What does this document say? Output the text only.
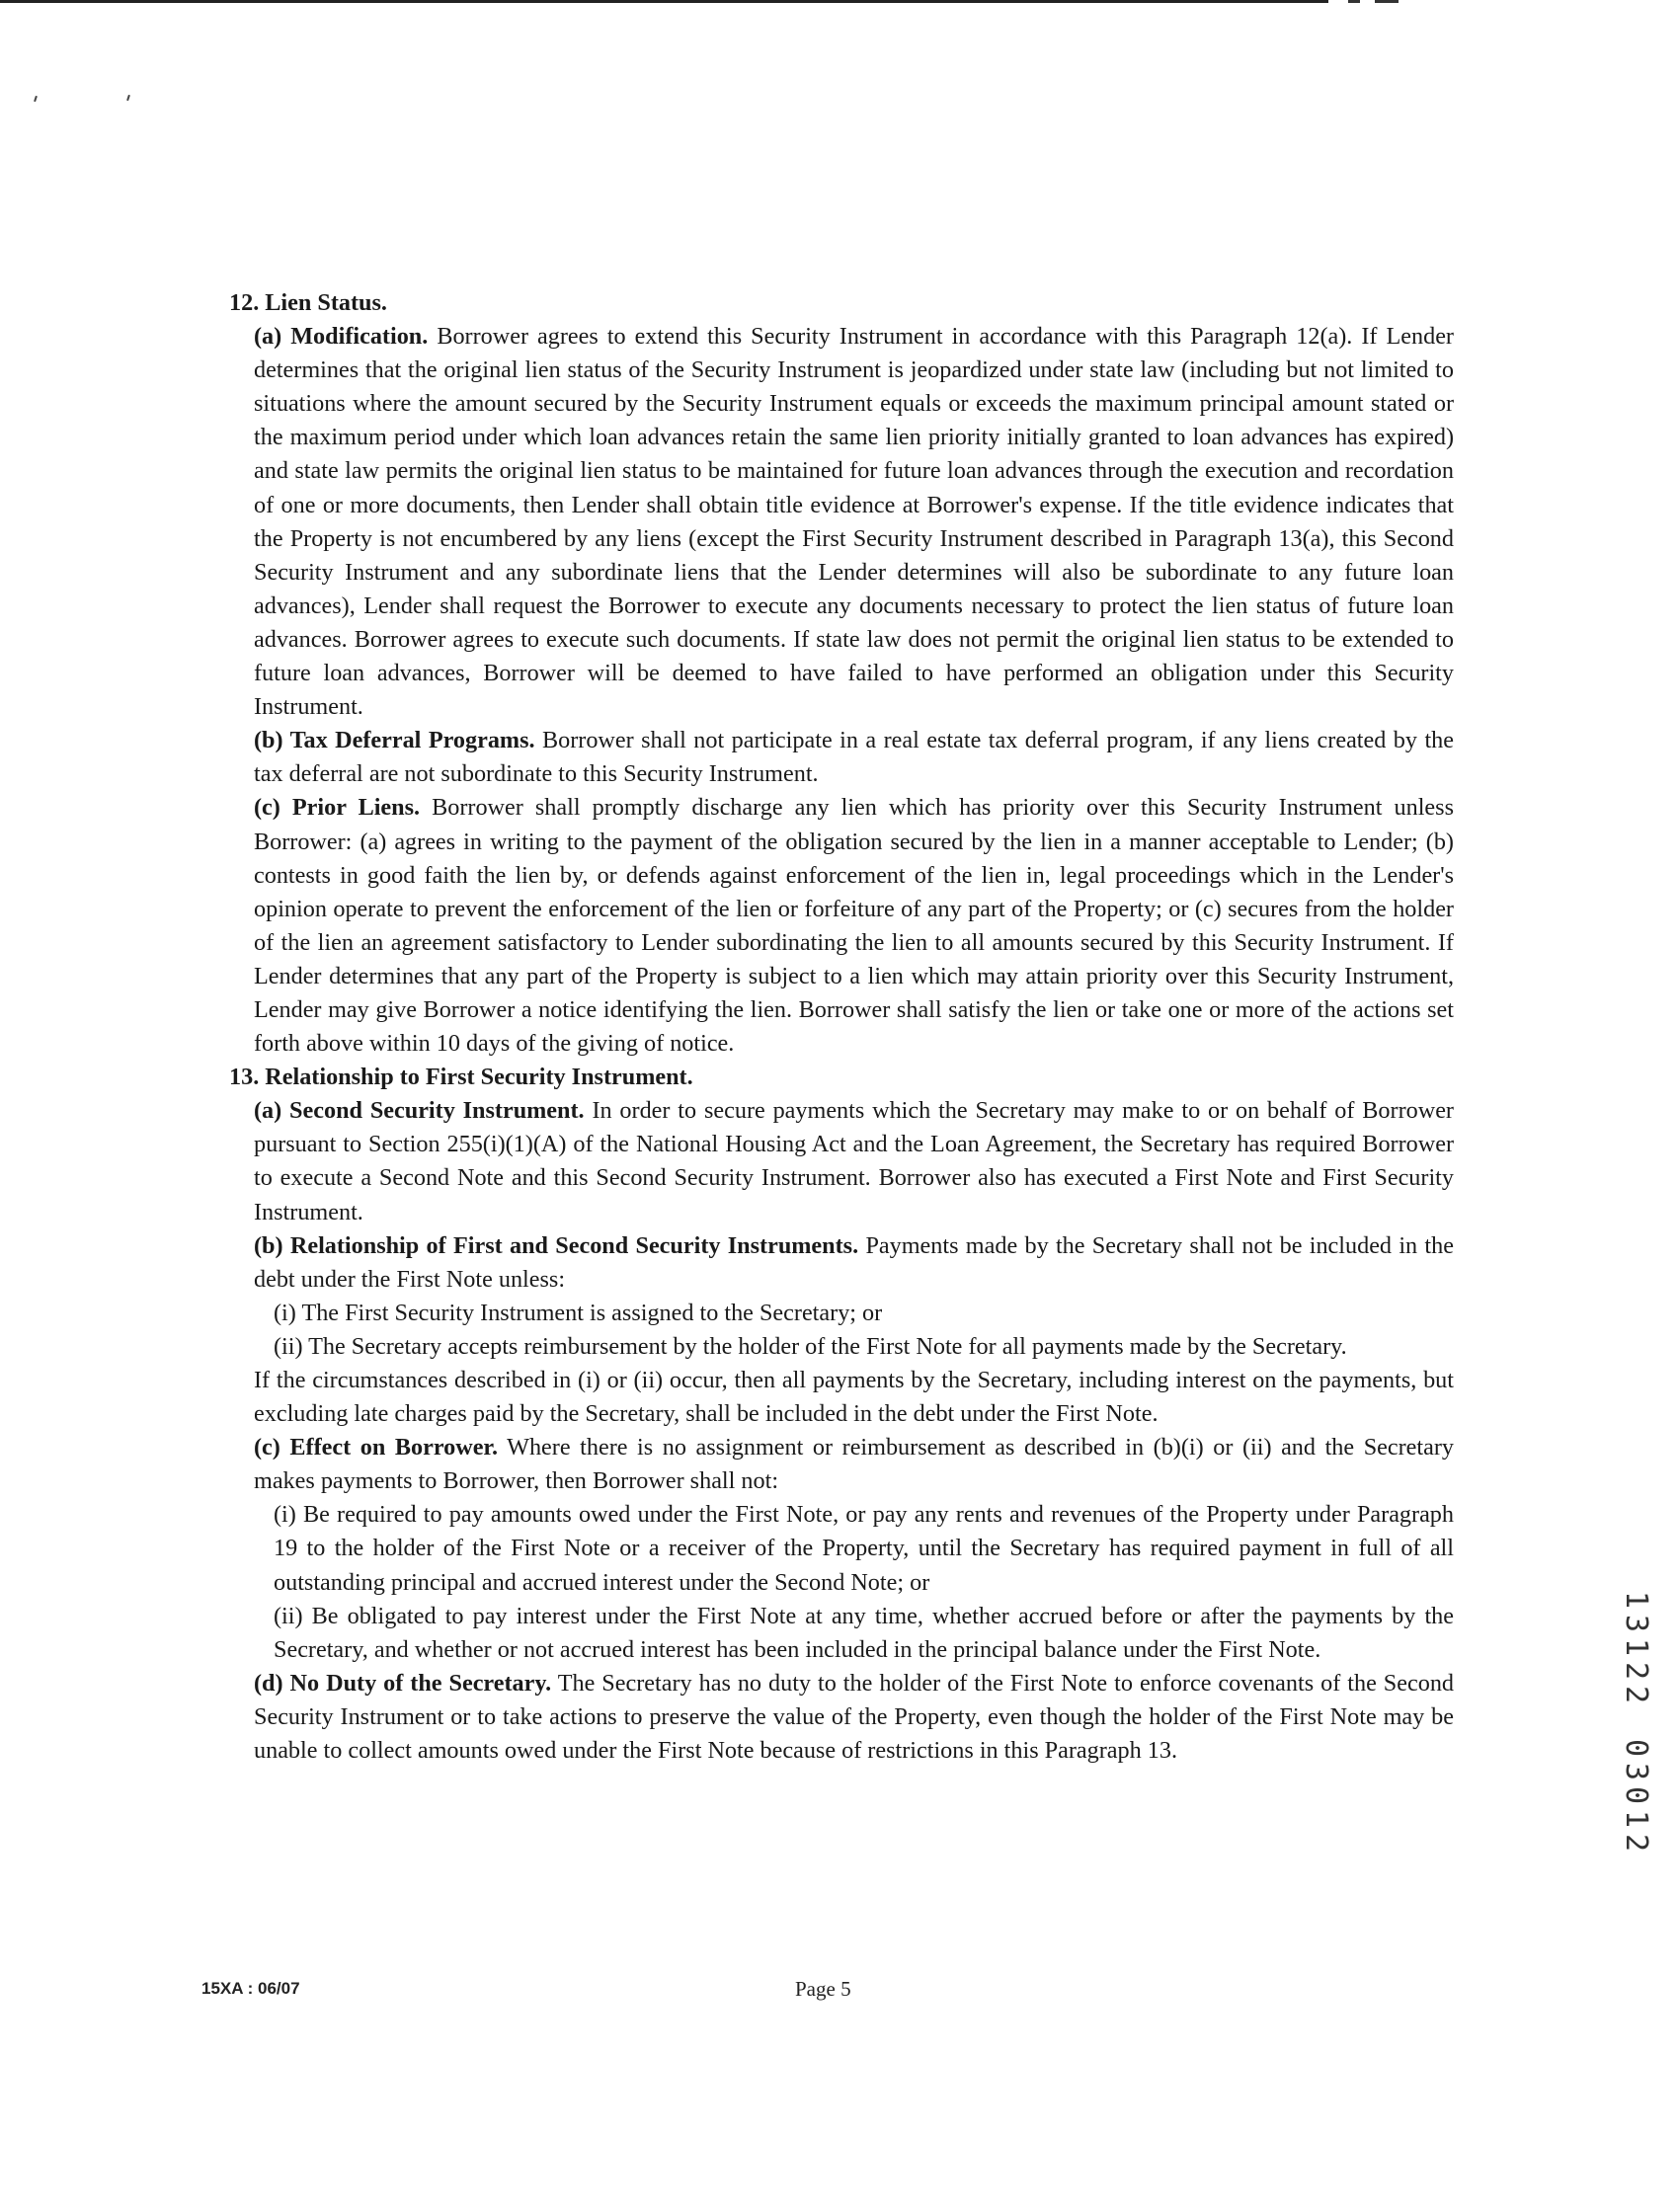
12. Lien Status.

(a) Modification. Borrower agrees to extend this Security Instrument in accordance with this Paragraph 12(a). If Lender determines that the original lien status of the Security Instrument is jeopardized under state law (including but not limited to situations where the amount secured by the Security Instrument equals or exceeds the maximum principal amount stated or the maximum period under which loan advances retain the same lien priority initially granted to loan advances has expired) and state law permits the original lien status to be maintained for future loan advances through the execution and recordation of one or more documents, then Lender shall obtain title evidence at Borrower's expense. If the title evidence indicates that the Property is not encumbered by any liens (except the First Security Instrument described in Paragraph 13(a), this Second Security Instrument and any subordinate liens that the Lender determines will also be subordinate to any future loan advances), Lender shall request the Borrower to execute any documents necessary to protect the lien status of future loan advances. Borrower agrees to execute such documents. If state law does not permit the original lien status to be extended to future loan advances, Borrower will be deemed to have failed to have performed an obligation under this Security Instrument.

(b) Tax Deferral Programs. Borrower shall not participate in a real estate tax deferral program, if any liens created by the tax deferral are not subordinate to this Security Instrument.

(c) Prior Liens. Borrower shall promptly discharge any lien which has priority over this Security Instrument unless Borrower: (a) agrees in writing to the payment of the obligation secured by the lien in a manner acceptable to Lender; (b) contests in good faith the lien by, or defends against enforcement of the lien in, legal proceedings which in the Lender's opinion operate to prevent the enforcement of the lien or forfeiture of any part of the Property; or (c) secures from the holder of the lien an agreement satisfactory to Lender subordinating the lien to all amounts secured by this Security Instrument. If Lender determines that any part of the Property is subject to a lien which may attain priority over this Security Instrument, Lender may give Borrower a notice identifying the lien. Borrower shall satisfy the lien or take one or more of the actions set forth above within 10 days of the giving of notice.

13. Relationship to First Security Instrument.

(a) Second Security Instrument. In order to secure payments which the Secretary may make to or on behalf of Borrower pursuant to Section 255(i)(1)(A) of the National Housing Act and the Loan Agreement, the Secretary has required Borrower to execute a Second Note and this Second Security Instrument. Borrower also has executed a First Note and First Security Instrument.

(b) Relationship of First and Second Security Instruments. Payments made by the Secretary shall not be included in the debt under the First Note unless:

(i) The First Security Instrument is assigned to the Secretary; or

(ii) The Secretary accepts reimbursement by the holder of the First Note for all payments made by the Secretary.

If the circumstances described in (i) or (ii) occur, then all payments by the Secretary, including interest on the payments, but excluding late charges paid by the Secretary, shall be included in the debt under the First Note.

(c) Effect on Borrower. Where there is no assignment or reimbursement as described in (b)(i) or (ii) and the Secretary makes payments to Borrower, then Borrower shall not:

(i) Be required to pay amounts owed under the First Note, or pay any rents and revenues of the Property under Paragraph 19 to the holder of the First Note or a receiver of the Property, until the Secretary has required payment in full of all outstanding principal and accrued interest under the Second Note; or

(ii) Be obligated to pay interest under the First Note at any time, whether accrued before or after the payments by the Secretary, and whether or not accrued interest has been included in the principal balance under the First Note.

(d) No Duty of the Secretary. The Secretary has no duty to the holder of the First Note to enforce covenants of the Second Security Instrument or to take actions to preserve the value of the Property, even though the holder of the First Note may be unable to collect amounts owed under the First Note because of restrictions in this Paragraph 13.

15XA : 06/07	Page 5
1
3
1
2
2
0
3
0
1
2
